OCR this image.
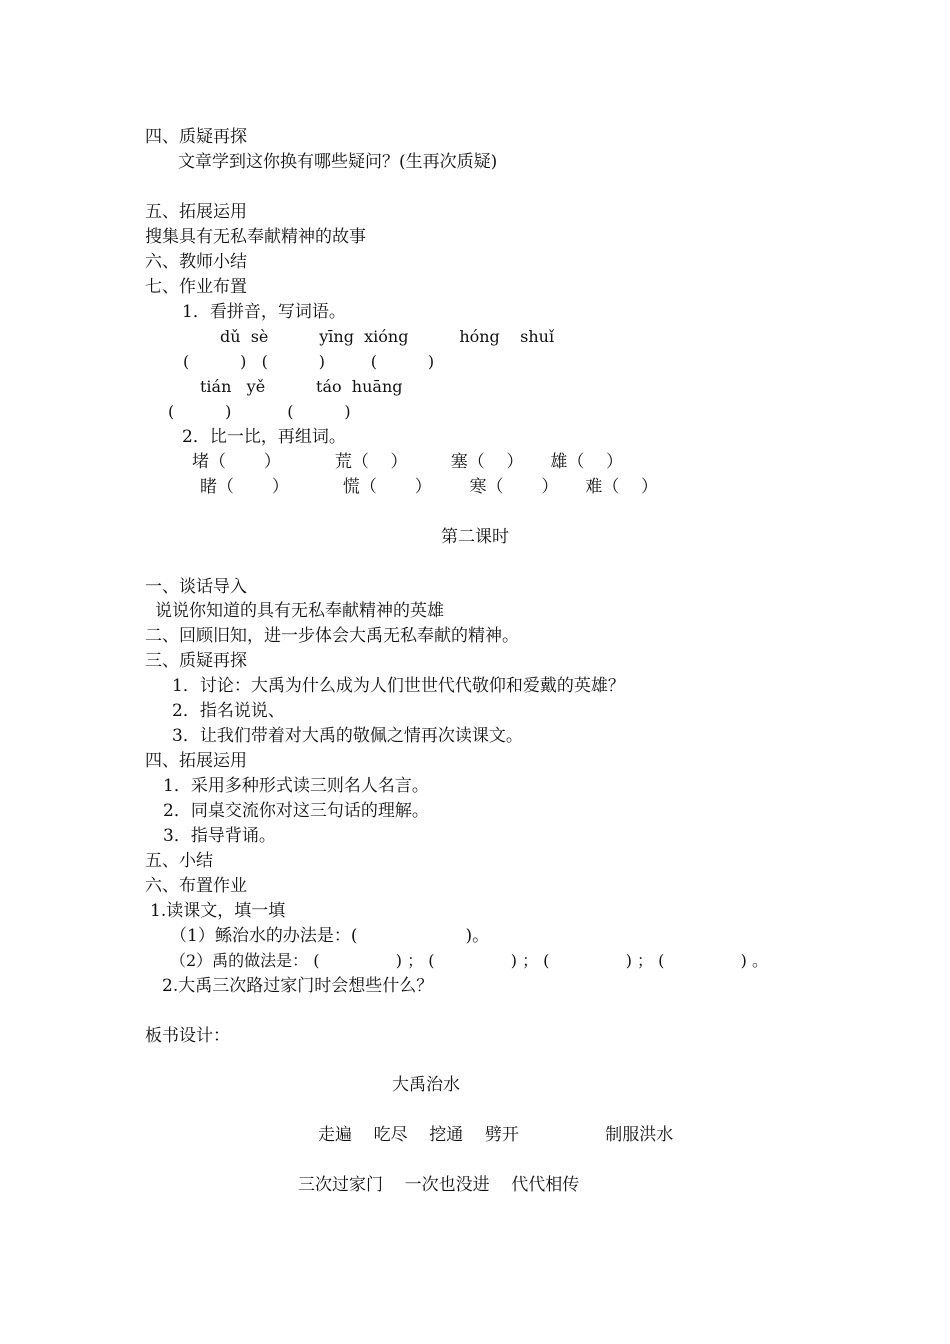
四、质疑再探
文章学到这你换有哪些疑问？(生再次质疑)
五、拓展运用
搜集具有无私奉献精神的故事
六、教师小结
七、作业布置
1．看拼音，写词语。
dǔ  sè          yīng  xióng          hóng    shuǐ
(          )   (          )         (          )
tián   yě          táo  huāng
(          )           (          )
2．比一比，再组词。
堵（       ）          荒（    ）        塞（    ）     雄（    ）
睹（       ）          慌（       ）       寒（       ）     难（    ）
第二课时
一、谈话导入
说说你知道的具有无私奉献精神的英雄
二、回顾旧知，进一步体会大禹无私奉献的精神。
三、质疑再探
1．讨论：大禹为什么成为人们世世代代敬仰和爱戴的英雄？
2．指名说说、
3．让我们带着对大禹的敬佩之情再次读课文。
四、拓展运用
1．采用多种形式读三则名人名言。
2．同桌交流你对这三句话的理解。
3．指导背诵。
五、小结
六、布置作业
1.读课文，填一填
（1）鲧治水的办法是：(                    )。
（2）禹的做法是： (               ) ； (               ) ； (               ) ； (               ) 。
2.大禹三次路过家门时会想些什么？
板书设计：
大禹治水
走遍    吃尽    挖通    劈开                制服洪水
三次过家门    一次也没进    代代相传
